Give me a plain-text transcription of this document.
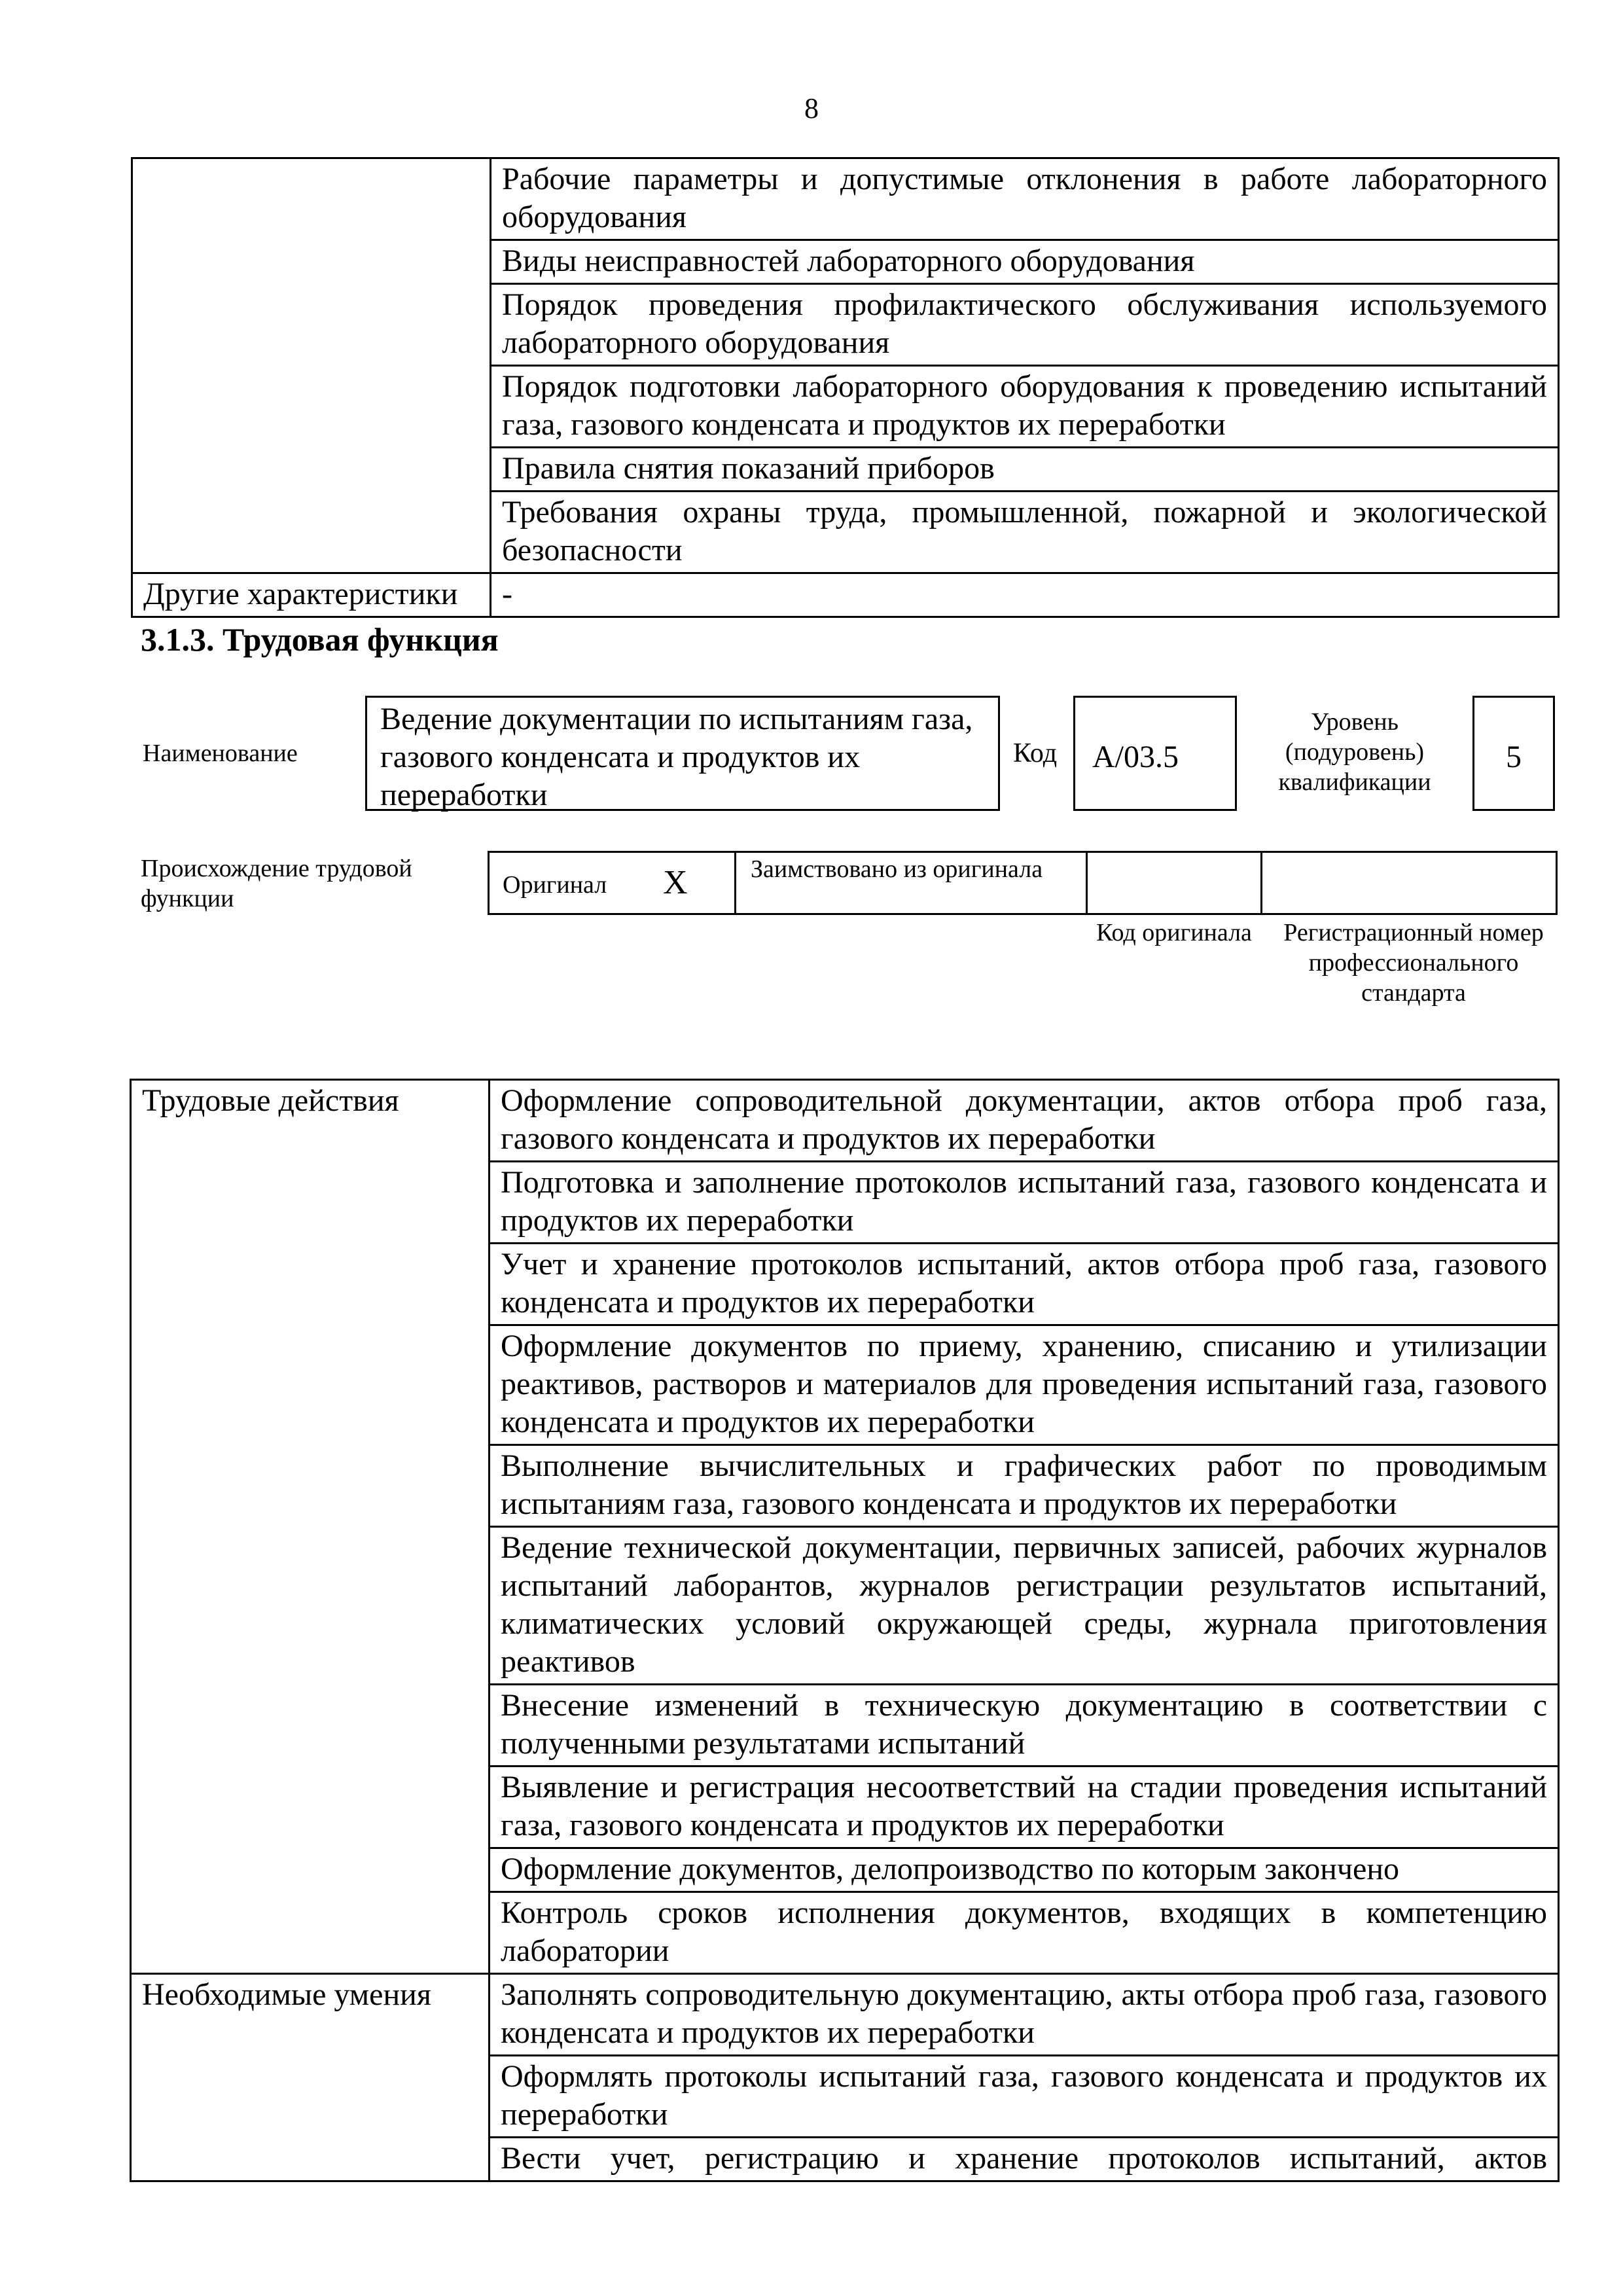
8
	Рабочие параметры и допустимые отклонения в работе лабораторного оборудования
	Виды неисправностей лабораторного оборудования
	Порядок проведения профилактического обслуживания используемого лабораторного оборудования
	Порядок подготовки лабораторного оборудования к проведению испытаний газа, газового конденсата и продуктов их переработки
	Правила снятия показаний приборов
	Требования охраны труда, промышленной, пожарной и экологической безопасности
Другие характеристики	-
3.1.3. Трудовая функция
Наименование
Ведение документации по испытаниям газа, газового конденсата и продуктов их переработки
Код A/03.5
Уровень (подуровень) квалификации
5
Происхождение трудовой функции	Оригинал X	Заимствовано из оригинала
Код оригинала	Регистрационный номер профессионального стандарта
Трудовые действия	Оформление сопроводительной документации, актов отбора проб газа, газового конденсата и продуктов их переработки
	Подготовка и заполнение протоколов испытаний газа, газового конденсата и продуктов их переработки
	Учет и хранение протоколов испытаний, актов отбора проб газа, газового конденсата и продуктов их переработки
	Оформление документов по приему, хранению, списанию и утилизации реактивов, растворов и материалов для проведения испытаний газа, газового конденсата и продуктов их переработки
	Выполнение вычислительных и графических работ по проводимым испытаниям газа, газового конденсата и продуктов их переработки
	Ведение технической документации, первичных записей, рабочих журналов испытаний лаборантов, журналов регистрации результатов испытаний, климатических условий окружающей среды, журнала приготовления реактивов
	Внесение изменений в техническую документацию в соответствии с полученными результатами испытаний
	Выявление и регистрация несоответствий на стадии проведения испытаний газа, газового конденсата и продуктов их переработки
	Оформление документов, делопроизводство по которым закончено
	Контроль сроков исполнения документов, входящих в компетенцию лаборатории
Необходимые умения	Заполнять сопроводительную документацию, акты отбора проб газа, газового конденсата и продуктов их переработки
	Оформлять протоколы испытаний газа, газового конденсата и продуктов их переработки
	Вести учет, регистрацию и хранение протоколов испытаний, актов
